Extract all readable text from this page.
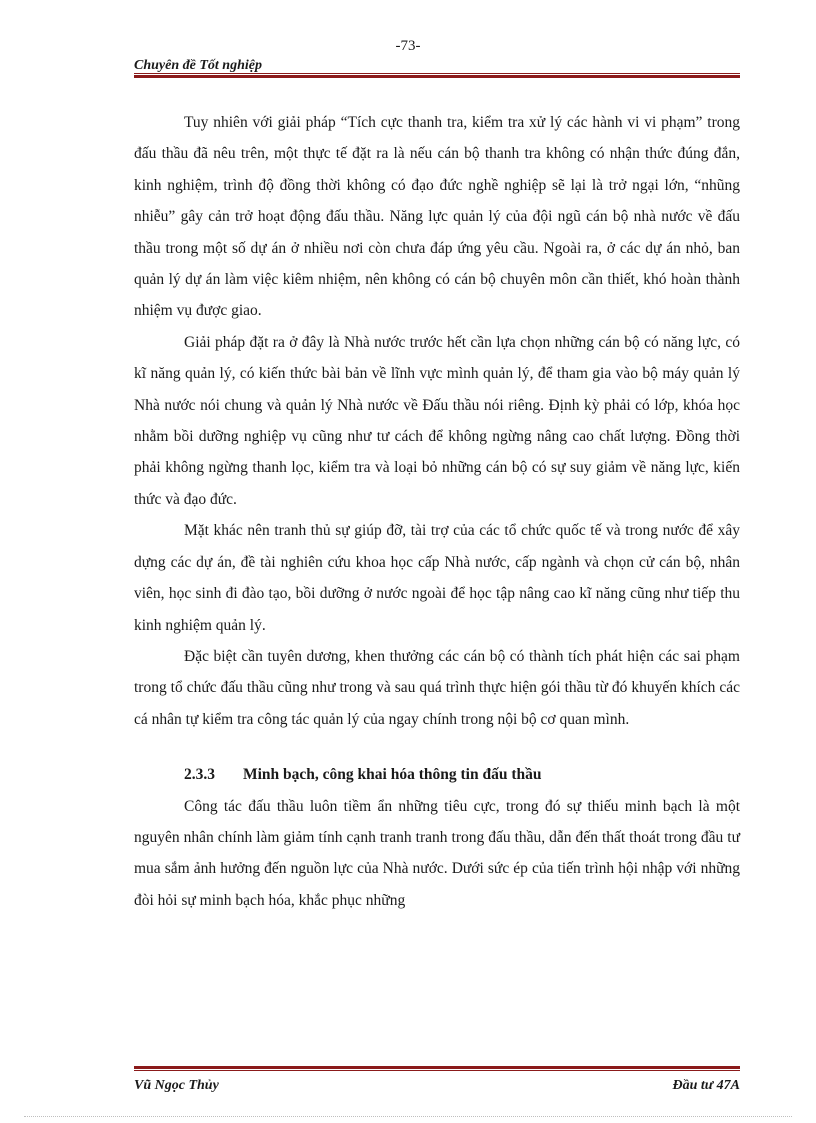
-73-
Chuyên đề Tốt nghiệp

Tuy nhiên với giải pháp “Tích cực thanh tra, kiểm tra xử lý các hành vi vi phạm” trong đấu thầu đã nêu trên, một thực tế đặt ra là nếu cán bộ thanh tra không có nhận thức đúng đắn, kinh nghiệm, trình độ đồng thời không có đạo đức nghề nghiệp sẽ lại là trở ngại lớn, “nhũng nhiễu” gây cản trở hoạt động đấu thầu. Năng lực quản lý của đội ngũ cán bộ nhà nước về đấu thầu trong một số dự án ở nhiều nơi còn chưa đáp ứng yêu cầu. Ngoài ra, ở các dự án nhỏ, ban quản lý dự án làm việc kiêm nhiệm, nên không có cán bộ chuyên môn cần thiết, khó hoàn thành nhiệm vụ được giao.

Giải pháp đặt ra ở đây là Nhà nước trước hết cần lựa chọn những cán bộ có năng lực, có kĩ năng quản lý, có kiến thức bài bản về lĩnh vực mình quản lý, để tham gia vào bộ máy quản lý Nhà nước nói chung và quản lý Nhà nước về Đấu thầu nói riêng. Định kỳ phải có lớp, khóa học nhằm bồi dưỡng nghiệp vụ cũng như tư cách để không ngừng nâng cao chất lượng. Đồng thời phải không ngừng thanh lọc, kiểm tra và loại bỏ những cán bộ có sự suy giảm về năng lực, kiến thức và đạo đức.

Mặt khác nên tranh thủ sự giúp đỡ, tài trợ của các tổ chức quốc tế và trong nước để xây dựng các dự án, đề tài nghiên cứu khoa học cấp Nhà nước, cấp ngành và chọn cử cán bộ, nhân viên, học sinh đi đào tạo, bồi dưỡng ở nước ngoài để học tập nâng cao kĩ năng cũng như tiếp thu kinh nghiệm quản lý.

Đặc biệt cần tuyên dương, khen thưởng các cán bộ có thành tích phát hiện các sai phạm trong tổ chức đấu thầu cũng như trong và sau quá trình thực hiện gói thầu từ đó khuyến khích các cá nhân tự kiểm tra công tác quản lý của ngay chính trong nội bộ cơ quan mình.

2.3.3 Minh bạch, công khai hóa thông tin đấu thầu

Công tác đấu thầu luôn tiềm ẩn những tiêu cực, trong đó sự thiếu minh bạch là một nguyên nhân chính làm giảm tính cạnh tranh tranh trong đấu thầu, dẫn đến thất thoát trong đầu tư mua sắm ảnh hưởng đến nguồn lực của Nhà nước. Dưới sức ép của tiến trình hội nhập với những đòi hỏi sự minh bạch hóa, khắc phục những

Vũ Ngọc Thủy	Đầu tư 47A
